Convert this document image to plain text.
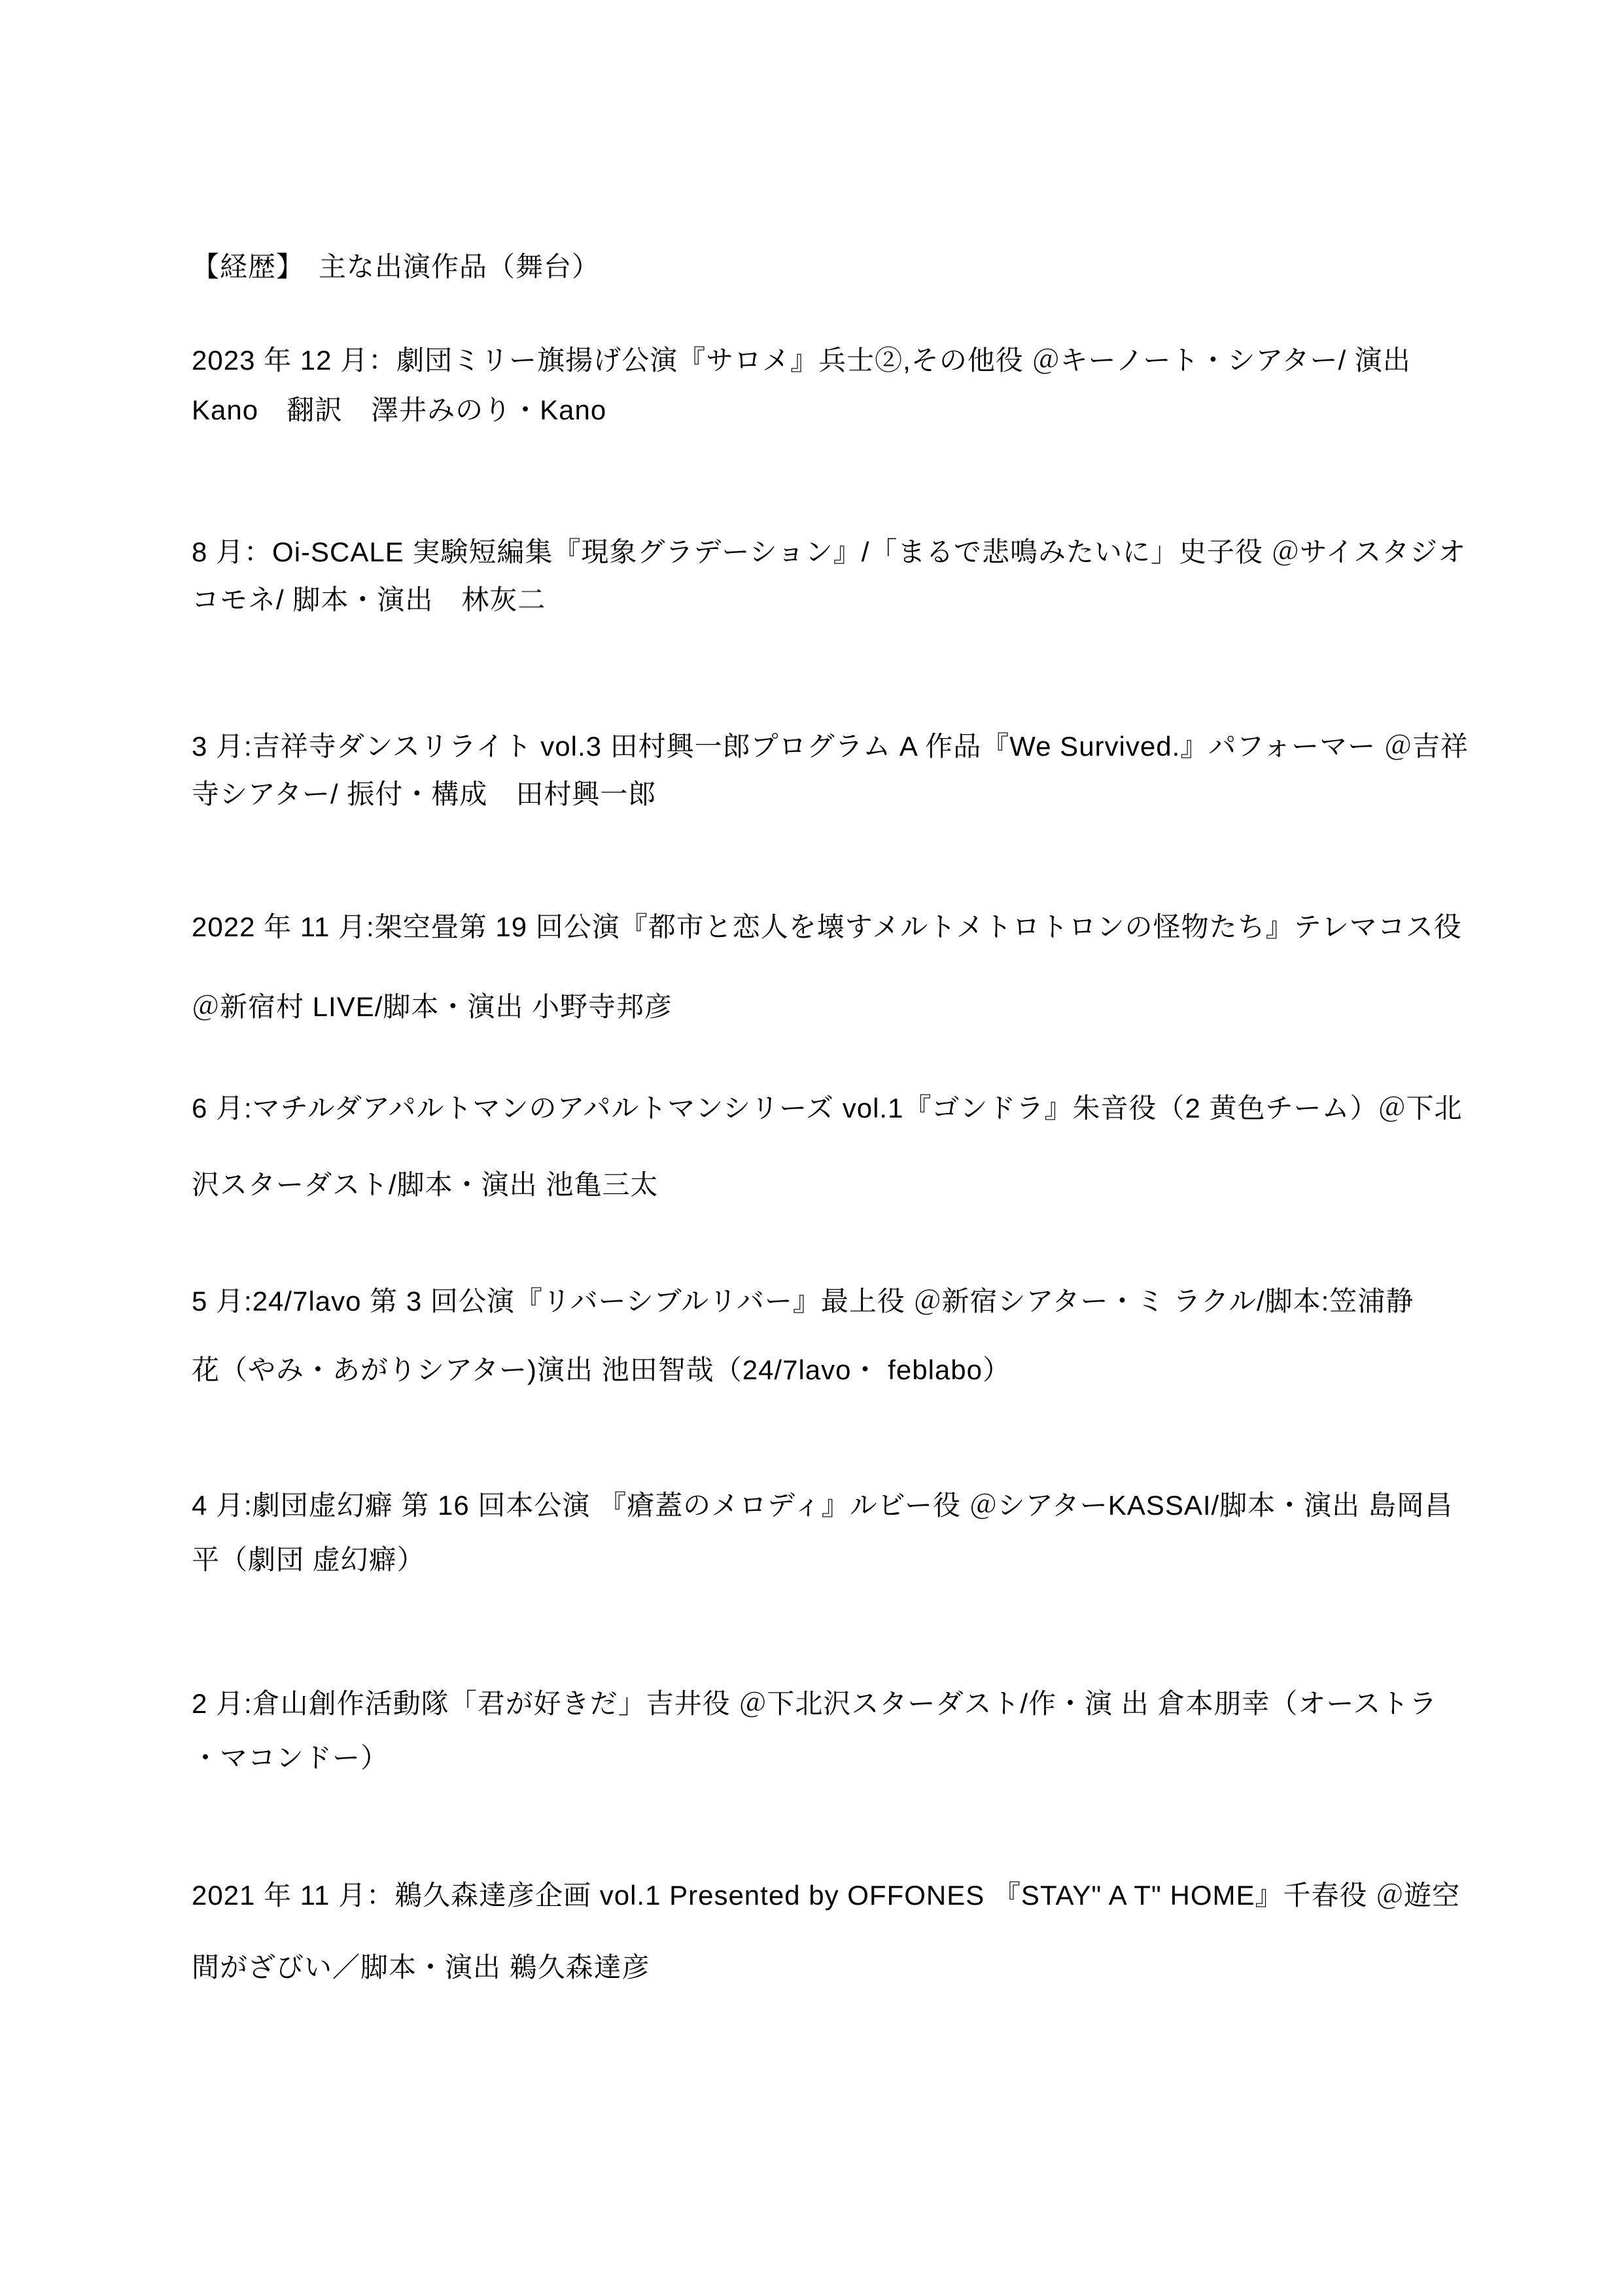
【経歴】　主な出演作品（舞台）
2023 年 12 月：劇団ミリー旗揚げ公演『サロメ』兵士②,その他役 ＠キーノート・シアター/ 演出
Kano　翻訳　澤井みのり・Kano
8 月：Oi-SCALE 実験短編集『現象グラデーション』/「まるで悲鳴みたいに」史子役 ＠サイスタジオ
コモネ/ 脚本・演出　林灰二
3 月:吉祥寺ダンスリライト vol.3 田村興一郎プログラム A 作品『We Survived.』パフォーマー ＠吉祥
寺シアター/ 振付・構成　田村興一郎
2022 年 11 月:架空畳第 19 回公演『都市と恋人を壊すメルトメトロトロンの怪物たち』テレマコス役
＠新宿村 LIVE/脚本・演出 小野寺邦彦
6 月:マチルダアパルトマンのアパルトマンシリーズ vol.1『ゴンドラ』朱音役（2 黄色チーム）＠下北
沢スターダスト/脚本・演出 池亀三太
5 月:24/7lavo 第 3 回公演『リバーシブルリバー』最上役 ＠新宿シアター・ミ ラクル/脚本:笠浦静
花（やみ・あがりシアター)演出 池田智哉（24/7lavo・ feblabo）
4 月:劇団虚幻癖 第 16 回本公演 『瘡蓋のメロディ』ルビー役 ＠シアターKASSAI/脚本・演出 島岡昌
平（劇団 虚幻癖）
2 月:倉山創作活動隊「君が好きだ」吉井役 ＠下北沢スターダスト/作・演 出 倉本朋幸（オーストラ
・マコンドー）
2021 年 11 月：鵜久森達彦企画 vol.1 Presented by OFFONES 『STAY" A T" HOME』千春役 ＠遊空
間がざびい／脚本・演出 鵜久森達彦
